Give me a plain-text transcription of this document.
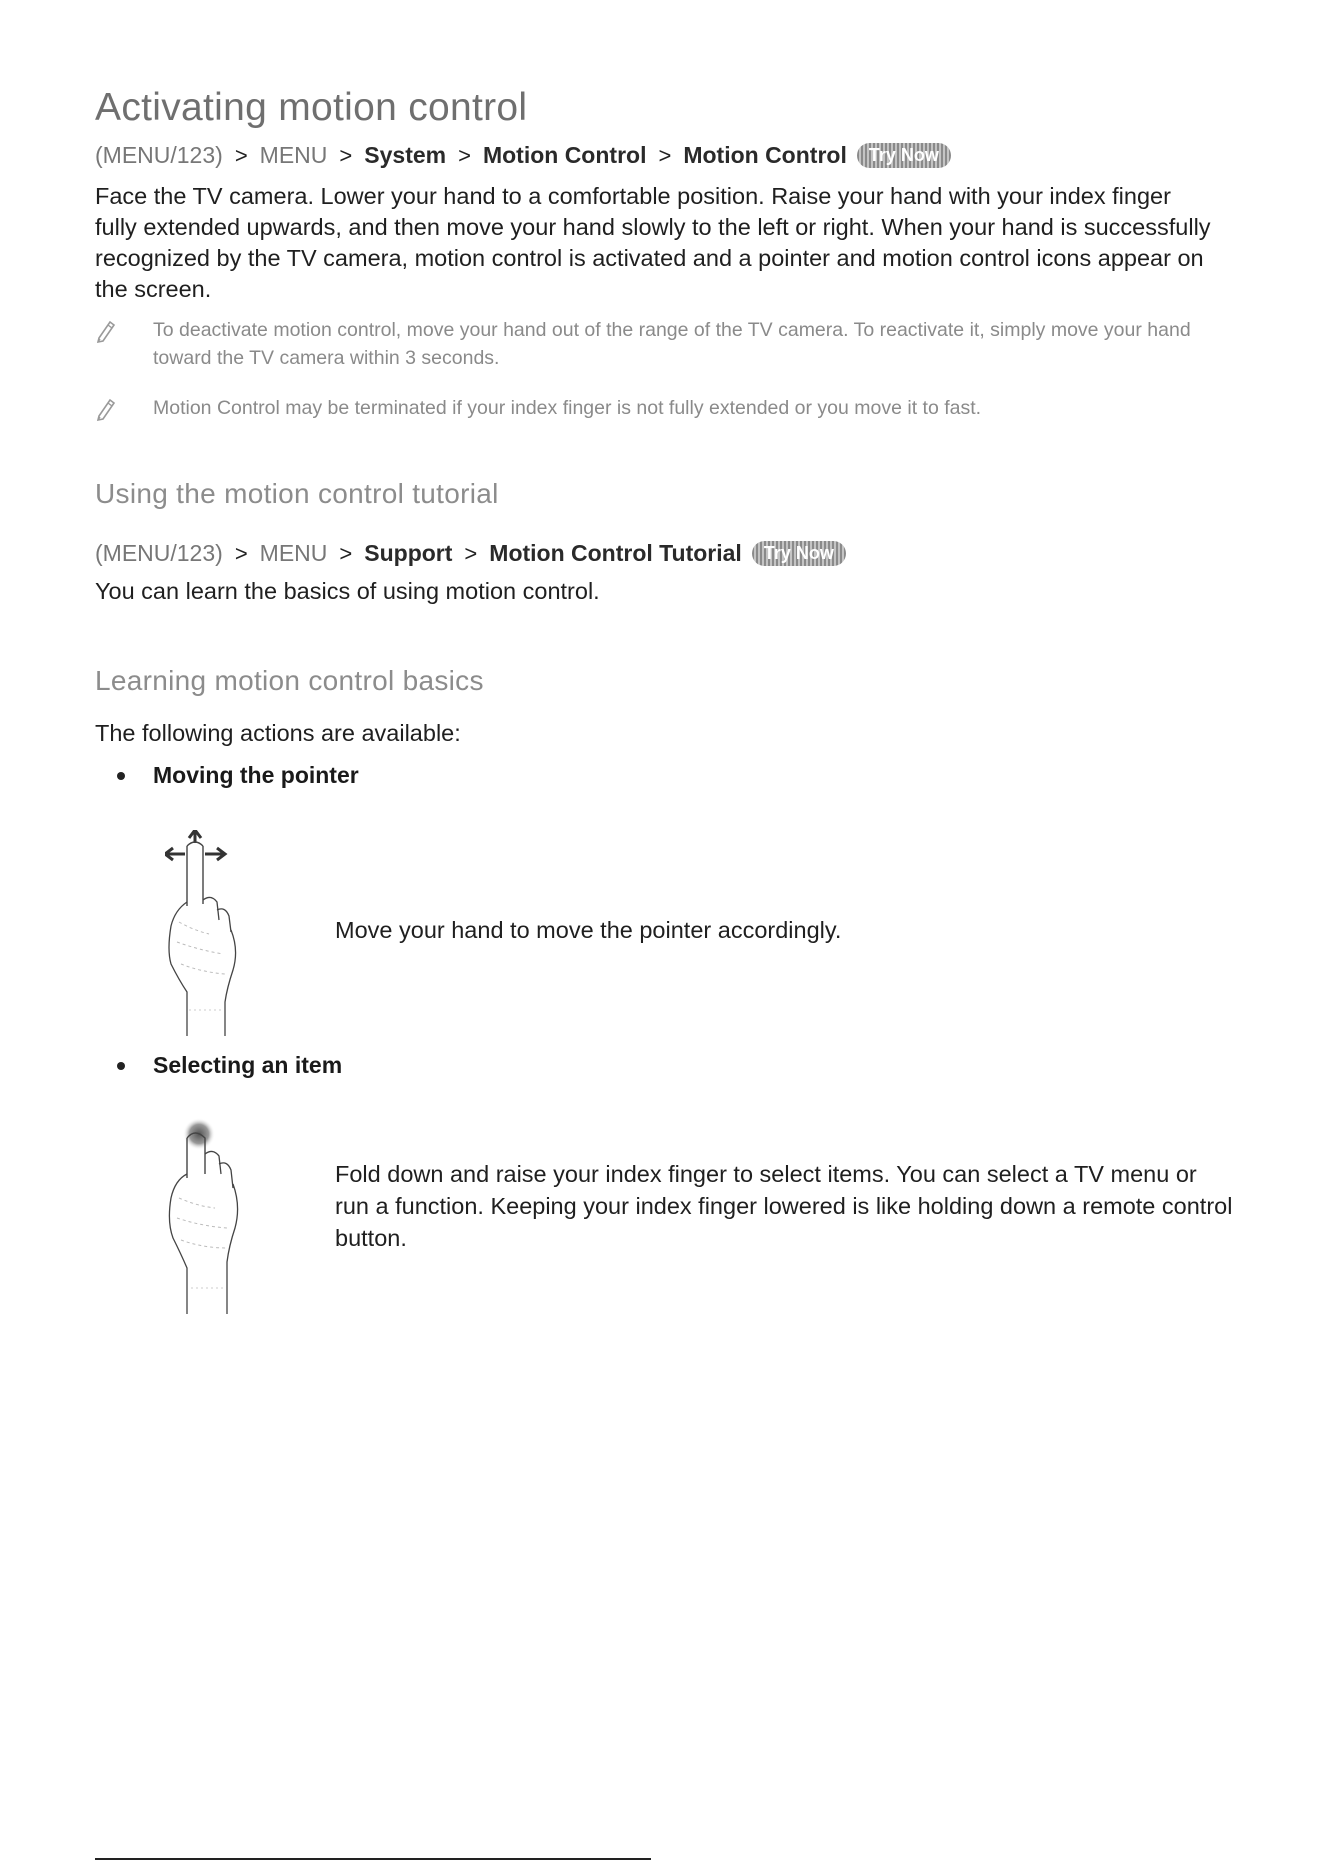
Activating motion control
(MENU/123) > MENU > System > Motion Control > Motion Control	Try Now

Face the TV camera. Lower your hand to a comfortable position. Raise your hand with your index finger fully extended upwards, and then move your hand slowly to the left or right. When your hand is successfully recognized by the TV camera, motion control is activated and a pointer and motion control icons appear on the screen.

To deactivate motion control, move your hand out of the range of the TV camera. To reactivate it, simply move your hand toward the TV camera within 3 seconds.
Motion Control may be terminated if your index finger is not fully extended or you move it to fast.
Using the motion control tutorial
(MENU/123) > MENU > Support > Motion Control Tutorial	Try Now

You can learn the basics of using motion control.

Learning motion control basics

The following actions are available:

Moving the pointer

Move your hand to move the pointer accordingly.

Selecting an item

Fold down and raise your index finger to select items. You can select a TV menu or run a function. Keeping your index finger lowered is like holding down a remote control button.
